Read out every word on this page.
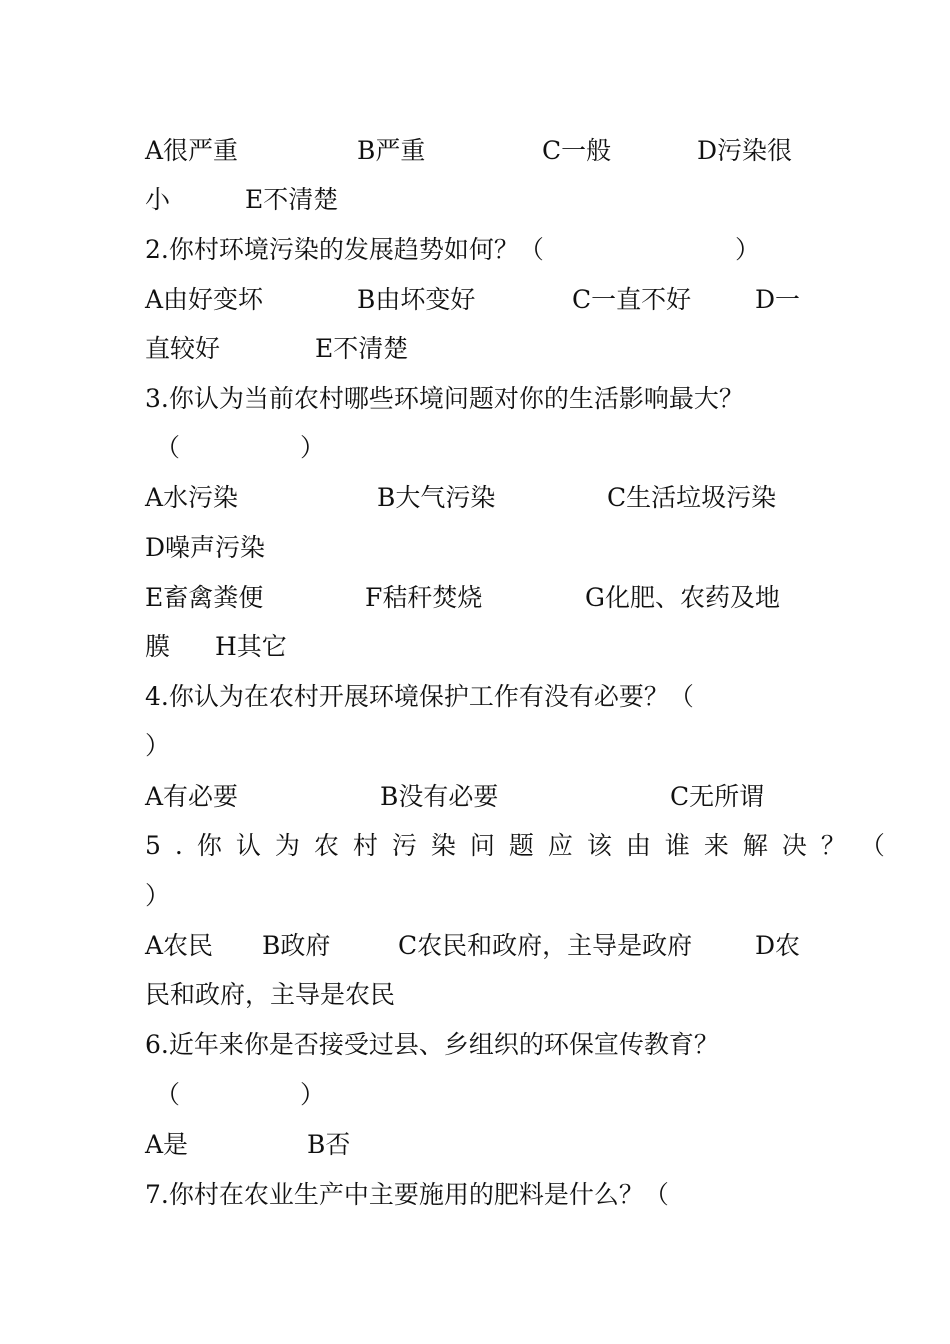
A很严重	B严重	C一般	D污染很
小	E不清楚
2.你村环境污染的发展趋势如何？（	）
A由好变坏	B由坏变好	C一直不好	D一
直较好	E不清楚
3.你认为当前农村哪些环境问题对你的生活影响最大？
（	）
A水污染	B大气污染	C生活垃圾污染
D噪声污染
E畜禽粪便	F秸秆焚烧	G化肥、农药及地
膜 H其它
4.你认为在农村开展环境保护工作有没有必要？（
）
A有必要	B没有必要	C无所谓
5.你认为农村污染问题应该由谁来解决？（
）
A农民 B政府	C农民和政府，主导是政府	D农
民和政府，主导是农民
6.近年来你是否接受过县、乡组织的环保宣传教育？
（	）
A是	B否
7.你村在农业生产中主要施用的肥料是什么？（
